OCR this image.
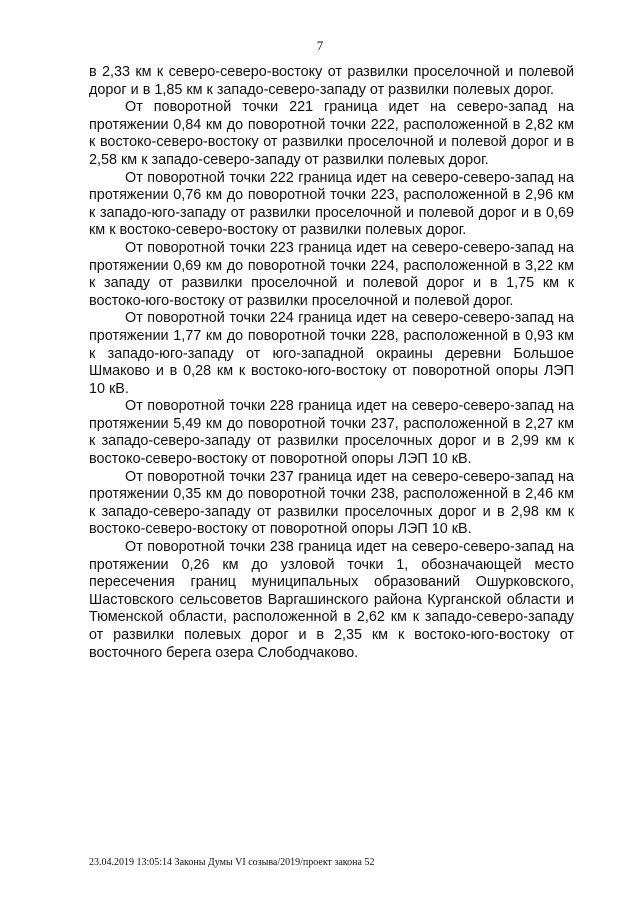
7

в 2,33 км к северо-северо-востоку от развилки проселочной и полевой дорог и в 1,85 км к западо-северо-западу от развилки полевых дорог.

От поворотной точки 221 граница идет на северо-запад на протяжении 0,84 км до поворотной точки 222, расположенной в 2,82 км к востоко-северо-востоку от развилки проселочной и полевой дорог и в 2,58 км к западо-северо-западу от развилки полевых дорог.

От поворотной точки 222 граница идет на северо-северо-запад на протяжении 0,76 км до поворотной точки 223, расположенной в 2,96 км к западо-юго-западу от развилки проселочной и полевой дорог и в 0,69 км к востоко-северо-востоку от развилки полевых дорог.

От поворотной точки 223 граница идет на северо-северо-запад на протяжении 0,69 км до поворотной точки 224, расположенной в 3,22 км к западу от развилки проселочной и полевой дорог и в 1,75 км к востоко-юго-востоку от развилки проселочной и полевой дорог.

От поворотной точки 224 граница идет на северо-северо-запад на протяжении 1,77 км до поворотной точки 228, расположенной в 0,93 км к западо-юго-западу от юго-западной окраины деревни Большое Шмаково и в 0,28 км к востоко-юго-востоку от поворотной опоры ЛЭП 10 кВ.

От поворотной точки 228 граница идет на северо-северо-запад на протяжении 5,49 км до поворотной точки 237, расположенной в 2,27 км к западо-северо-западу от развилки проселочных дорог и в 2,99 км к востоко-северо-востоку от поворотной опоры ЛЭП 10 кВ.

От поворотной точки 237 граница идет на северо-северо-запад на протяжении 0,35 км до поворотной точки 238, расположенной в 2,46 км к западо-северо-западу от развилки проселочных дорог и в 2,98 км к востоко-северо-востоку от поворотной опоры ЛЭП 10 кВ.

От поворотной точки 238 граница идет на северо-северо-запад на протяжении 0,26 км до узловой точки 1, обозначающей место пересечения границ муниципальных образований Ошурковского, Шастовского сельсоветов Варгашинского района Курганской области и Тюменской области, расположенной в 2,62 км к западо-северо-западу от развилки полевых дорог и в 2,35 км к востоко-юго-востоку от восточного берега озера Слободчаково.

23.04.2019 13:05:14 Законы Думы VI созыва/2019/проект закона 52
